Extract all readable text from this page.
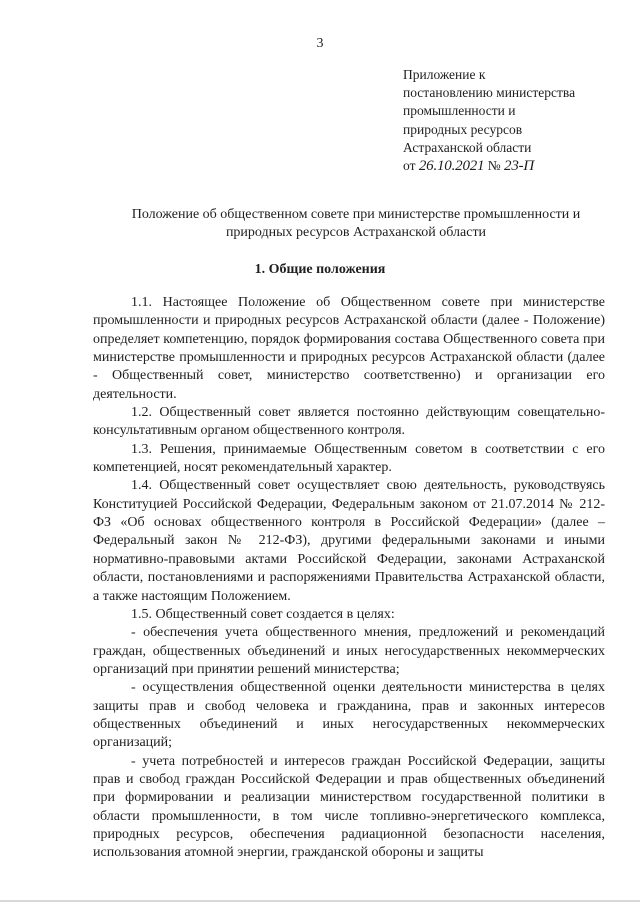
3
Приложение к
постановлению министерства
промышленности и
природных ресурсов
Астраханской области
от 26.10.2021 № 23-П
Положение об общественном совете при министерстве промышленности и
природных ресурсов Астраханской области
1. Общие положения

1.1. Настоящее Положение об Общественном совете при министерстве промышленности и природных ресурсов Астраханской области (далее - Положение) определяет компетенцию, порядок формирования состава Общественного совета при министерстве промышленности и природных ресурсов Астраханской области (далее - Общественный совет, министерство соответственно) и организации его деятельности.

1.2. Общественный совет является постоянно действующим совещательно-консультативным органом общественного контроля.

1.3. Решения, принимаемые Общественным советом в соответствии с его компетенцией, носят рекомендательный характер.

1.4. Общественный совет осуществляет свою деятельность, руководствуясь Конституцией Российской Федерации, Федеральным законом от 21.07.2014 № 212-ФЗ «Об основах общественного контроля в Российской Федерации» (далее – Федеральный закон № 212-ФЗ), другими федеральными законами и иными нормативно-правовыми актами Российской Федерации, законами Астраханской области, постановлениями и распоряжениями Правительства Астраханской области, а также настоящим Положением.

1.5. Общественный совет создается в целях:

- обеспечения учета общественного мнения, предложений и рекомендаций граждан, общественных объединений и иных негосударственных некоммерческих организаций при принятии решений министерства;

- осуществления общественной оценки деятельности министерства в целях защиты прав и свобод человека и гражданина, прав и законных интересов общественных объединений и иных негосударственных некоммерческих организаций;

- учета потребностей и интересов граждан Российской Федерации, защиты прав и свобод граждан Российской Федерации и прав общественных объединений при формировании и реализации министерством государственной политики в области промышленности, в том числе топливно-энергетического комплекса, природных ресурсов, обеспечения радиационной безопасности населения, использования атомной энергии, гражданской обороны и защиты
